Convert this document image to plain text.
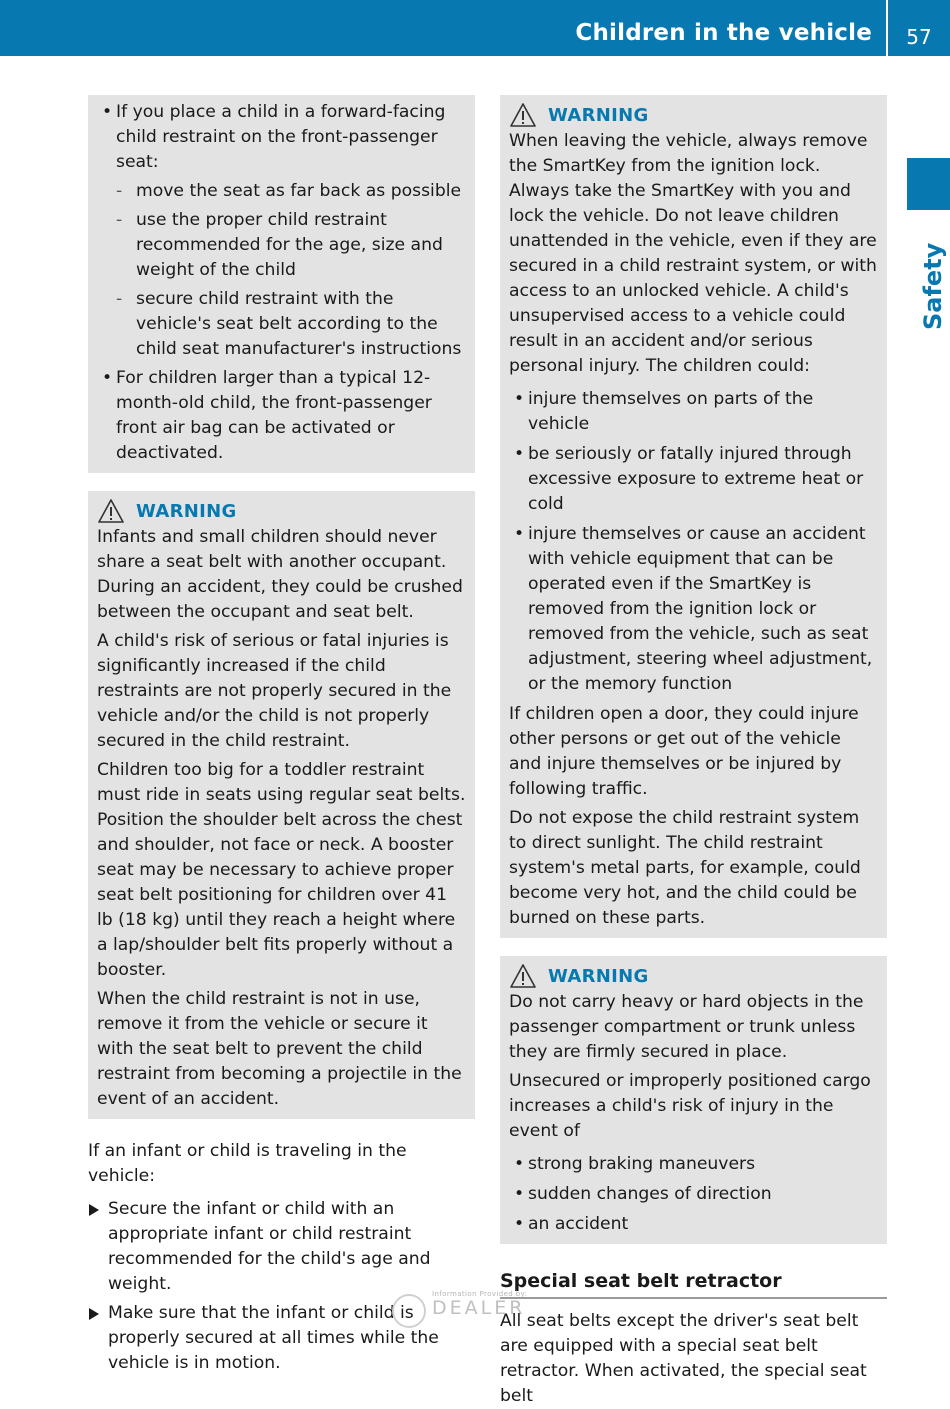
Children in the vehicle	57
Safety
• If you place a child in a forward-facing child restraint on the front-passenger seat:
- move the seat as far back as possible
- use the proper child restraint recommended for the age, size and weight of the child
- secure child restraint with the vehicle's seat belt according to the child seat manufacturer's instructions
• For children larger than a typical 12-month-old child, the front-passenger front air bag can be activated or deactivated.
WARNING
Infants and small children should never share a seat belt with another occupant. During an accident, they could be crushed between the occupant and seat belt.
A child's risk of serious or fatal injuries is significantly increased if the child restraints are not properly secured in the vehicle and/or the child is not properly secured in the child restraint.
Children too big for a toddler restraint must ride in seats using regular seat belts. Position the shoulder belt across the chest and shoulder, not face or neck. A booster seat may be necessary to achieve proper seat belt positioning for children over 41 lb (18 kg) until they reach a height where a lap/shoulder belt fits properly without a booster.
When the child restraint is not in use, remove it from the vehicle or secure it with the seat belt to prevent the child restraint from becoming a projectile in the event of an accident.
If an infant or child is traveling in the vehicle:
Secure the infant or child with an appropriate infant or child restraint recommended for the child's age and weight.
Make sure that the infant or child is properly secured at all times while the vehicle is in motion.
WARNING
When leaving the vehicle, always remove the SmartKey from the ignition lock. Always take the SmartKey with you and lock the vehicle. Do not leave children unattended in the vehicle, even if they are secured in a child restraint system, or with access to an unlocked vehicle. A child's unsupervised access to a vehicle could result in an accident and/or serious personal injury. The children could:
• injure themselves on parts of the vehicle
• be seriously or fatally injured through excessive exposure to extreme heat or cold
• injure themselves or cause an accident with vehicle equipment that can be operated even if the SmartKey is removed from the ignition lock or removed from the vehicle, such as seat adjustment, steering wheel adjustment, or the memory function
If children open a door, they could injure other persons or get out of the vehicle and injure themselves or be injured by following traffic.
Do not expose the child restraint system to direct sunlight. The child restraint system's metal parts, for example, could become very hot, and the child could be burned on these parts.
WARNING
Do not carry heavy or hard objects in the passenger compartment or trunk unless they are firmly secured in place.
Unsecured or improperly positioned cargo increases a child's risk of injury in the event of
• strong braking maneuvers
• sudden changes of direction
• an accident
Special seat belt retractor
All seat belts except the driver's seat belt are equipped with a special seat belt retractor. When activated, the special seat belt
Information Provided by:
DEALER
